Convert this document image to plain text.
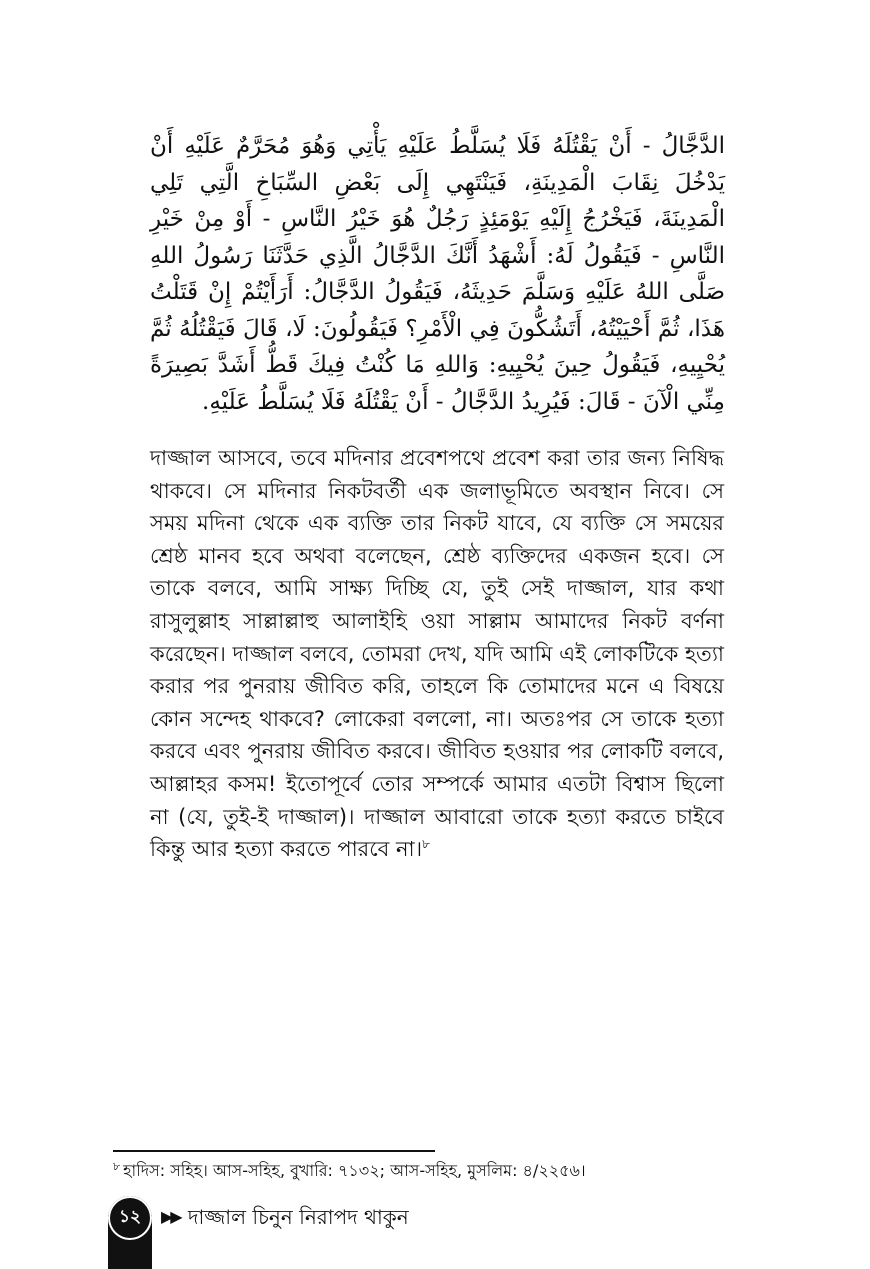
الدَّجَّالُ - أَنْ يَقْتُلَهُ فَلَا يُسَلَّطُ عَلَيْهِ يَأْتِي وَهُوَ مُحَرَّمٌ عَلَيْهِ أَنْ يَدْخُلَ نِقَابَ الْمَدِينَةِ، فَيَنْتَهِي إِلَى بَعْضِ السِّبَاخِ الَّتِي تَلِي الْمَدِينَةَ، فَيَخْرُجُ إِلَيْهِ يَوْمَئِذٍ رَجُلٌ هُوَ خَيْرُ النَّاسِ - أَوْ مِنْ خَيْرِ النَّاسِ - فَيَقُولُ لَهُ: أَشْهَدُ أَنَّكَ الدَّجَّالُ الَّذِي حَدَّثَنَا رَسُولُ اللهِ صَلَّى اللهُ عَلَيْهِ وَسَلَّمَ حَدِيثَهُ، فَيَقُولُ الدَّجَّالُ: أَرَأَيْتُمْ إِنْ قَتَلْتُ هَذَا، ثُمَّ أَحْيَيْتُهُ، أَتَشُكُّونَ فِي الْأَمْرِ؟ فَيَقُولُونَ: لَا، قَالَ فَيَقْتُلُهُ ثُمَّ يُحْيِيهِ، فَيَقُولُ حِينَ يُحْيِيهِ: وَاللهِ مَا كُنْتُ فِيكَ قَطُّ أَشَدَّ بَصِيرَةً مِنِّي الْآنَ - قَالَ: فَيُرِيدُ الدَّجَّالُ - أَنْ يَقْتُلَهُ فَلَا يُسَلَّطُ عَلَيْهِ.

দাজ্জাল আসবে, তবে মদিনার প্রবেশপথে প্রবেশ করা তার জন্য নিষিদ্ধ থাকবে। সে মদিনার নিকটবর্তী এক জলাভূমিতে অবস্থান নিবে। সে সময় মদিনা থেকে এক ব্যক্তি তার নিকট যাবে, যে ব্যক্তি সে সময়ের শ্রেষ্ঠ মানব হবে অথবা বলেছেন, শ্রেষ্ঠ ব্যক্তিদের একজন হবে। সে তাকে বলবে, আমি সাক্ষ্য দিচ্ছি যে, তুই সেই দাজ্জাল, যার কথা রাসুলুল্লাহ সাল্লাল্লাহু আলাইহি ওয়া সাল্লাম আমাদের নিকট বর্ণনা করেছেন। দাজ্জাল বলবে, তোমরা দেখ, যদি আমি এই লোকটিকে হত্যা করার পর পুনরায় জীবিত করি, তাহলে কি তোমাদের মনে এ বিষয়ে কোন সন্দেহ থাকবে? লোকেরা বললো, না। অতঃপর সে তাকে হত্যা করবে এবং পুনরায় জীবিত করবে। জীবিত হওয়ার পর লোকটি বলবে, আল্লাহর কসম! ইতোপূর্বে তোর সম্পর্কে আমার এতটা বিশ্বাস ছিলো না (যে, তুই-ই দাজ্জাল)। দাজ্জাল আবারো তাকে হত্যা করতে চাইবে কিন্তু আর হত্যা করতে পারবে না।$^৮$

$^৮$ হাদিস: সহিহ। আস-সহিহ, বুখারি: ৭১৩২; আস-সহিহ, মুসলিম: ৪/২২৫৬।
১২	▶▶ দাজ্জাল চিনুন নিরাপদ থাকুন
